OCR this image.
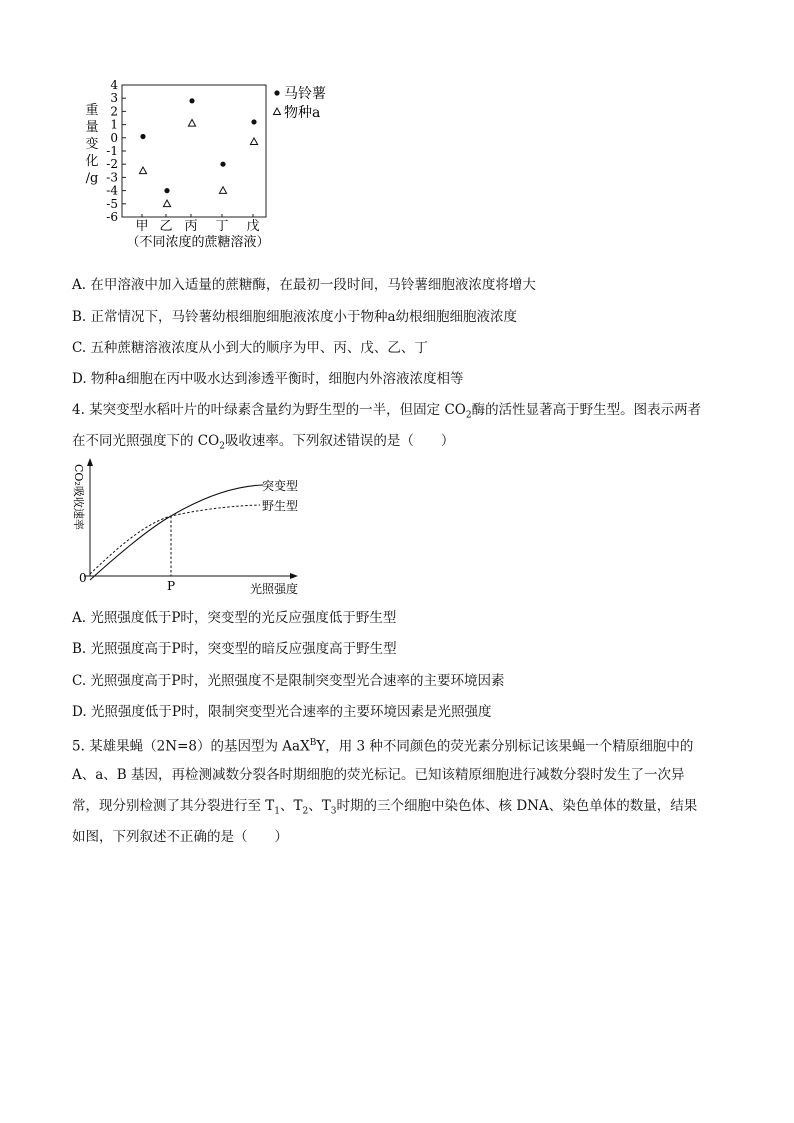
重
量
变
化
/g
4
3
2
1
0
-1
-2
-3
-4
-5
-6
甲 乙 丙 丁 戊
（不同浓度的蔗糖溶液）
马铃薯
物种a
A. 在甲溶液中加入适量的蔗糖酶，在最初一段时间，马铃薯细胞液浓度将增大
B. 正常情况下，马铃薯幼根细胞细胞液浓度小于物种a幼根细胞细胞液浓度
C. 五种蔗糖溶液浓度从小到大的顺序为甲、丙、戊、乙、丁
D. 物种a细胞在丙中吸水达到渗透平衡时，细胞内外溶液浓度相等
4. 某突变型水稻叶片的叶绿素含量约为野生型的一半，但固定 $CO_2$酶的活性显著高于野生型。图表示两者
在不同光照强度下的 $CO_2$吸收速率。下列叙述错误的是（　　）
CO₂吸收速率
0
P	光照强度
突变型
野生型
A. 光照强度低于P时，突变型的光反应强度低于野生型
B. 光照强度高于P时，突变型的暗反应强度高于野生型
C. 光照强度高于P时，光照强度不是限制突变型光合速率的主要环境因素
D. 光照强度低于P时，限制突变型光合速率的主要环境因素是光照强度
5. 某雄果蝇（2N=8）的基因型为 AaX$^B$Y，用 3 种不同颜色的荧光素分别标记该果蝇一个精原细胞中的
A、a、B 基因，再检测减数分裂各时期细胞的荧光标记。已知该精原细胞进行减数分裂时发生了一次异
常，现分别检测了其分裂进行至 $T_1$、$T_2$、$T_3$时期的三个细胞中染色体、核 DNA、染色单体的数量，结果
如图，下列叙述不正确的是（　　）
